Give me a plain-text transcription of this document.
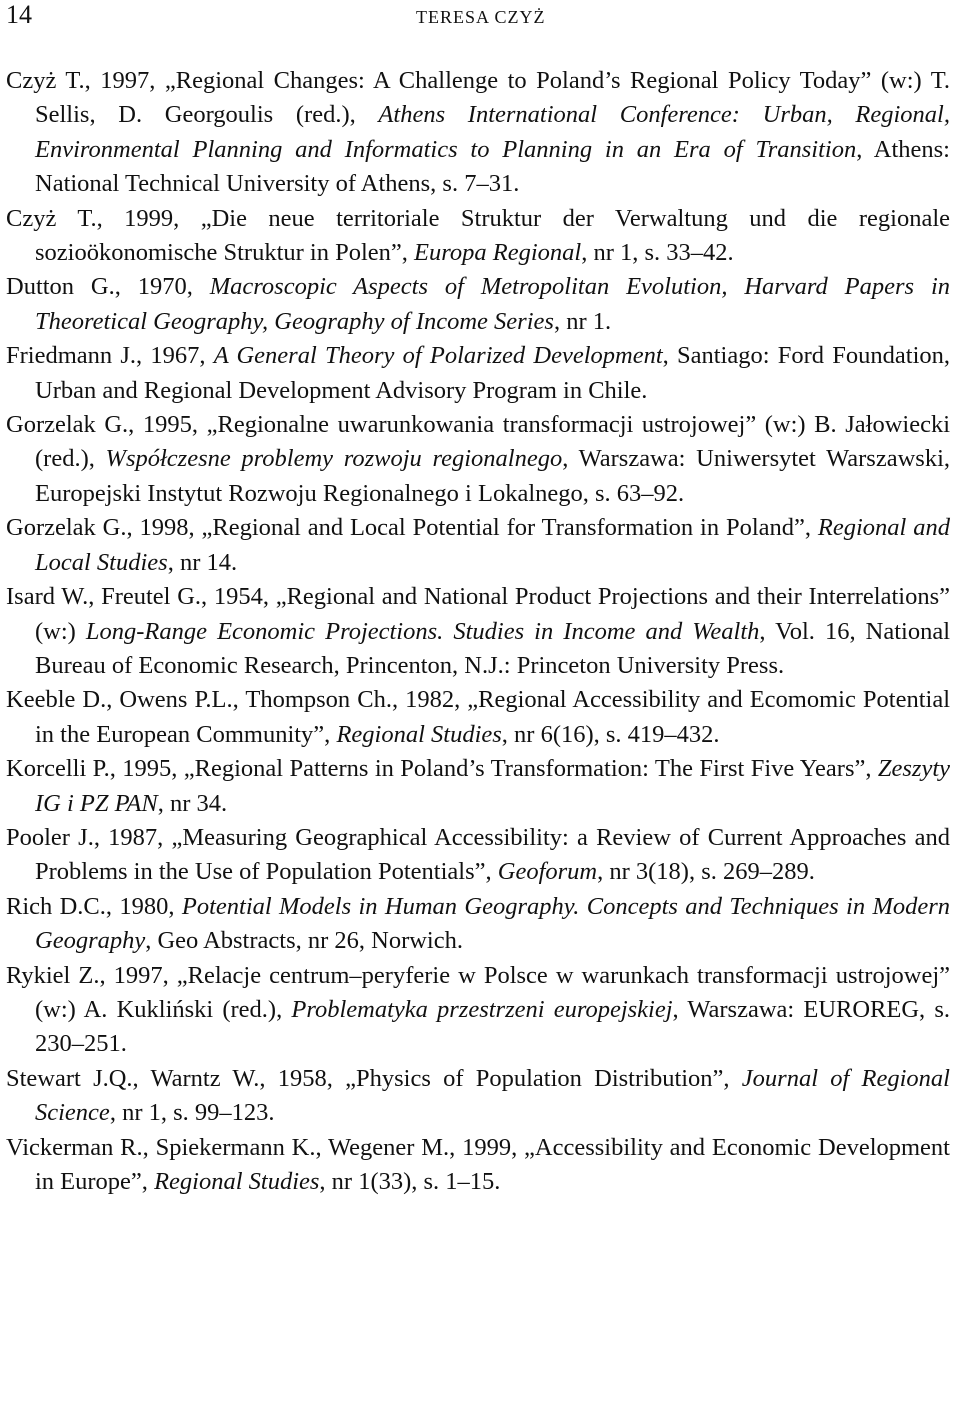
14	TERESA CZYŻ

Czyż T., 1997, „Regional Changes: A Challenge to Poland’s Regional Policy Today” (w:) T. Sellis, D. Georgoulis (red.), Athens International Conference: Urban, Regional, Environmental Planning and Informatics to Planning in an Era of Transition, Athens: National Technical University of Athens, s. 7–31.

Czyż T., 1999, „Die neue territoriale Struktur der Verwaltung und die regionale sozioökonomische Struktur in Polen”, Europa Regional, nr 1, s. 33–42.

Dutton G., 1970, Macroscopic Aspects of Metropolitan Evolution, Harvard Papers in Theoretical Geography, Geography of Income Series, nr 1.

Friedmann J., 1967, A General Theory of Polarized Development, Santiago: Ford Foundation, Urban and Regional Development Advisory Program in Chile.

Gorzelak G., 1995, „Regionalne uwarunkowania transformacji ustrojowej” (w:) B. Jałowiecki (red.), Współczesne problemy rozwoju regionalnego, Warszawa: Uniwersytet Warszawski, Europejski Instytut Rozwoju Regionalnego i Lokalnego, s. 63–92.

Gorzelak G., 1998, „Regional and Local Potential for Transformation in Poland”, Regional and Local Studies, nr 14.

Isard W., Freutel G., 1954, „Regional and National Product Projections and their Interrelations” (w:) Long-Range Economic Projections. Studies in Income and Wealth, Vol. 16, National Bureau of Economic Research, Princenton, N.J.: Princeton University Press.

Keeble D., Owens P.L., Thompson Ch., 1982, „Regional Accessibility and Ecomomic Potential in the European Community”, Regional Studies, nr 6(16), s. 419–432.

Korcelli P., 1995, „Regional Patterns in Poland’s Transformation: The First Five Years”, Zeszyty IG i PZ PAN, nr 34.

Pooler J., 1987, „Measuring Geographical Accessibility: a Review of Current Approaches and Problems in the Use of Population Potentials”, Geoforum, nr 3(18), s. 269–289.

Rich D.C., 1980, Potential Models in Human Geography. Concepts and Techniques in Modern Geography, Geo Abstracts, nr 26, Norwich.

Rykiel Z., 1997, „Relacje centrum–peryferie w Polsce w warunkach transformacji ustrojowej” (w:) A. Kukliński (red.), Problematyka przestrzeni europejskiej, Warszawa: EUROREG, s. 230–251.

Stewart J.Q., Warntz W., 1958, „Physics of Population Distribution”, Journal of Regional Science, nr 1, s. 99–123.

Vickerman R., Spiekermann K., Wegener M., 1999, „Accessibility and Economic Development in Europe”, Regional Studies, nr 1(33), s. 1–15.
